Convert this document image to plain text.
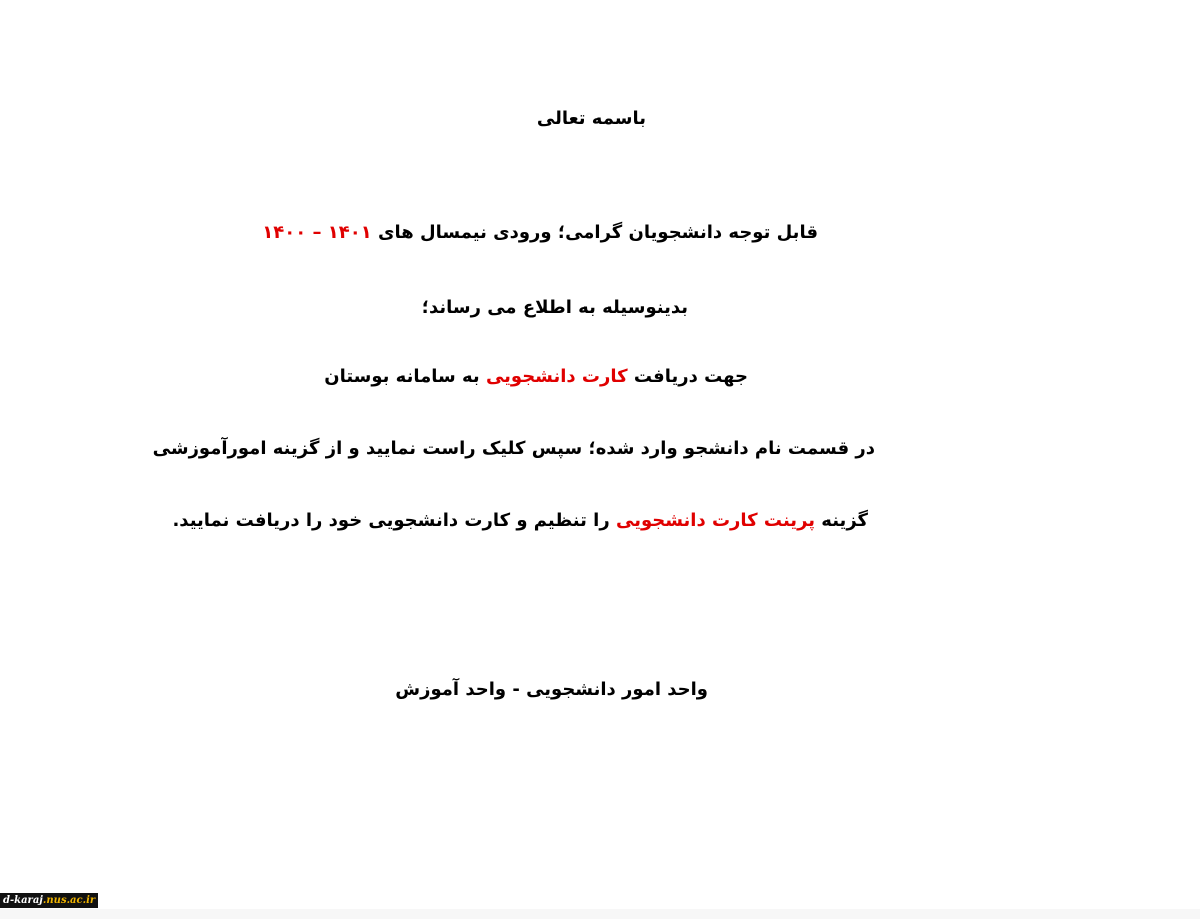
باسمه تعالی
قابل توجه دانشجویان گرامی؛ ورودی نیمسال های ۱۴۰۱ – ۱۴۰۰
بدینوسیله به اطلاع می رساند؛
جهت دریافت کارت دانشجویی به سامانه بوستان
در قسمت نام دانشجو وارد شده؛ سپس کلیک راست نمایید و از گزینه امورآموزشی
گزینه پرینت کارت دانشجویی را تنظیم و کارت دانشجویی خود را دریافت نمایید.
واحد امور دانشجویی - واحد آموزش
d-karaj.nus.ac.ir
